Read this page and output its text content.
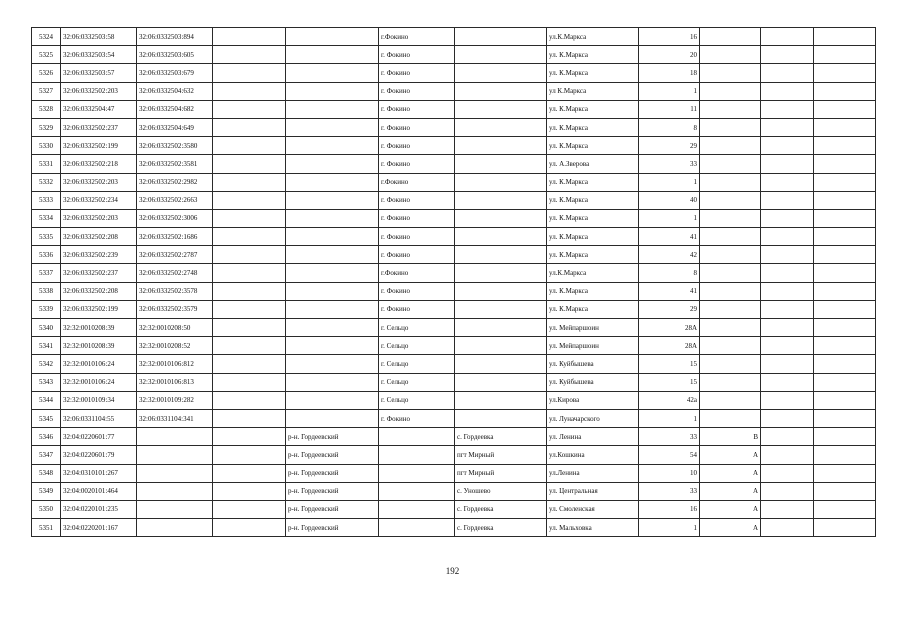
5324	32:06:0332503:58	32:06:0332503:894			г.Фокино		ул.К.Маркса	16			
5325	32:06:0332503:54	32:06:0332503:605			г. Фокино		ул. К.Маркса	20			
5326	32:06:0332503:57	32:06:0332503:679			г. Фокино		ул. К.Маркса	18			
5327	32:06:0332502:203	32:06:0332504:632			г. Фокино		ул К.Маркса	1			
5328	32:06:0332504:47	32:06:0332504:682			г. Фокино		ул. К.Маркса	11			
5329	32:06:0332502:237	32:06:0332504:649			г. Фокино		ул. К.Маркса	8			
5330	32:06:0332502:199	32:06:0332502:3580			г. Фокино		ул. К.Маркса	29			
5331	32:06:0332502:218	32:06:0332502:3581			г. Фокино		ул. А.Зверова	33			
5332	32:06:0332502:203	32:06:0332502:2982			г.Фокино		ул. К.Маркса	1			
5333	32:06:0332502:234	32:06:0332502:2663			г. Фокино		ул. К.Маркса	40			
5334	32:06:0332502:203	32:06:0332502:3006			г. Фокино		ул. К.Маркса	1			
5335	32:06:0332502:208	32:06:0332502:1686			г. Фокино		ул. К.Маркса	41			
5336	32:06:0332502:239	32:06:0332502:2787			г. Фокино		ул. К.Маркса	42			
5337	32:06:0332502:237	32:06:0332502:2748			г.Фокино		ул.К.Маркса	8			
5338	32:06:0332502:208	32:06:0332502:3578			г. Фокино		ул. К.Маркса	41			
5339	32:06:0332502:199	32:06:0332502:3579			г. Фокино		ул. К.Маркса	29			
5340	32:32:0010208:39	32:32:0010208:50			г. Сельцо		ул. Мейпаршоин	28А			
5341	32:32:0010208:39	32:32:0010208:52			г. Сельцо		ул. Мейпаршоин	28А			
5342	32:32:0010106:24	32:32:0010106:812			г. Сельцо		ул. Куйбышева	15			
5343	32:32:0010106:24	32:32:0010106:813			г. Сельцо		ул. Куйбышева	15			
5344	32:32:0010109:34	32:32:0010109:282			г. Сельцо		ул.Кирова	42а			
5345	32:06:0331104:55	32:06:0331104:341			г. Фокино		ул. Луначарского	1			
5346	32:04:0220601:77			р-н. Гордеевский		с. Гордеевка	ул. Ленина	33	В		
5347	32:04:0220601:79			р-н. Гордеевский		пгт Мирный	ул.Кошкина	54	А		
5348	32:04:0310101:267			р-н. Гордеевский		пгт Мирный	ул.Ленина	10	А		
5349	32:04:0020101:464			р-н. Гордеевский		с. Уношево	ул. Центральная	33	А		
5350	32:04:0220101:235			р-н. Гордеевский		с. Гордеевка	ул. Смоленская	16	А		
5351	32:04:0220201:167			р-н. Гордеевский		с. Гордеевка	ул. Мальховка	1	А		
192
